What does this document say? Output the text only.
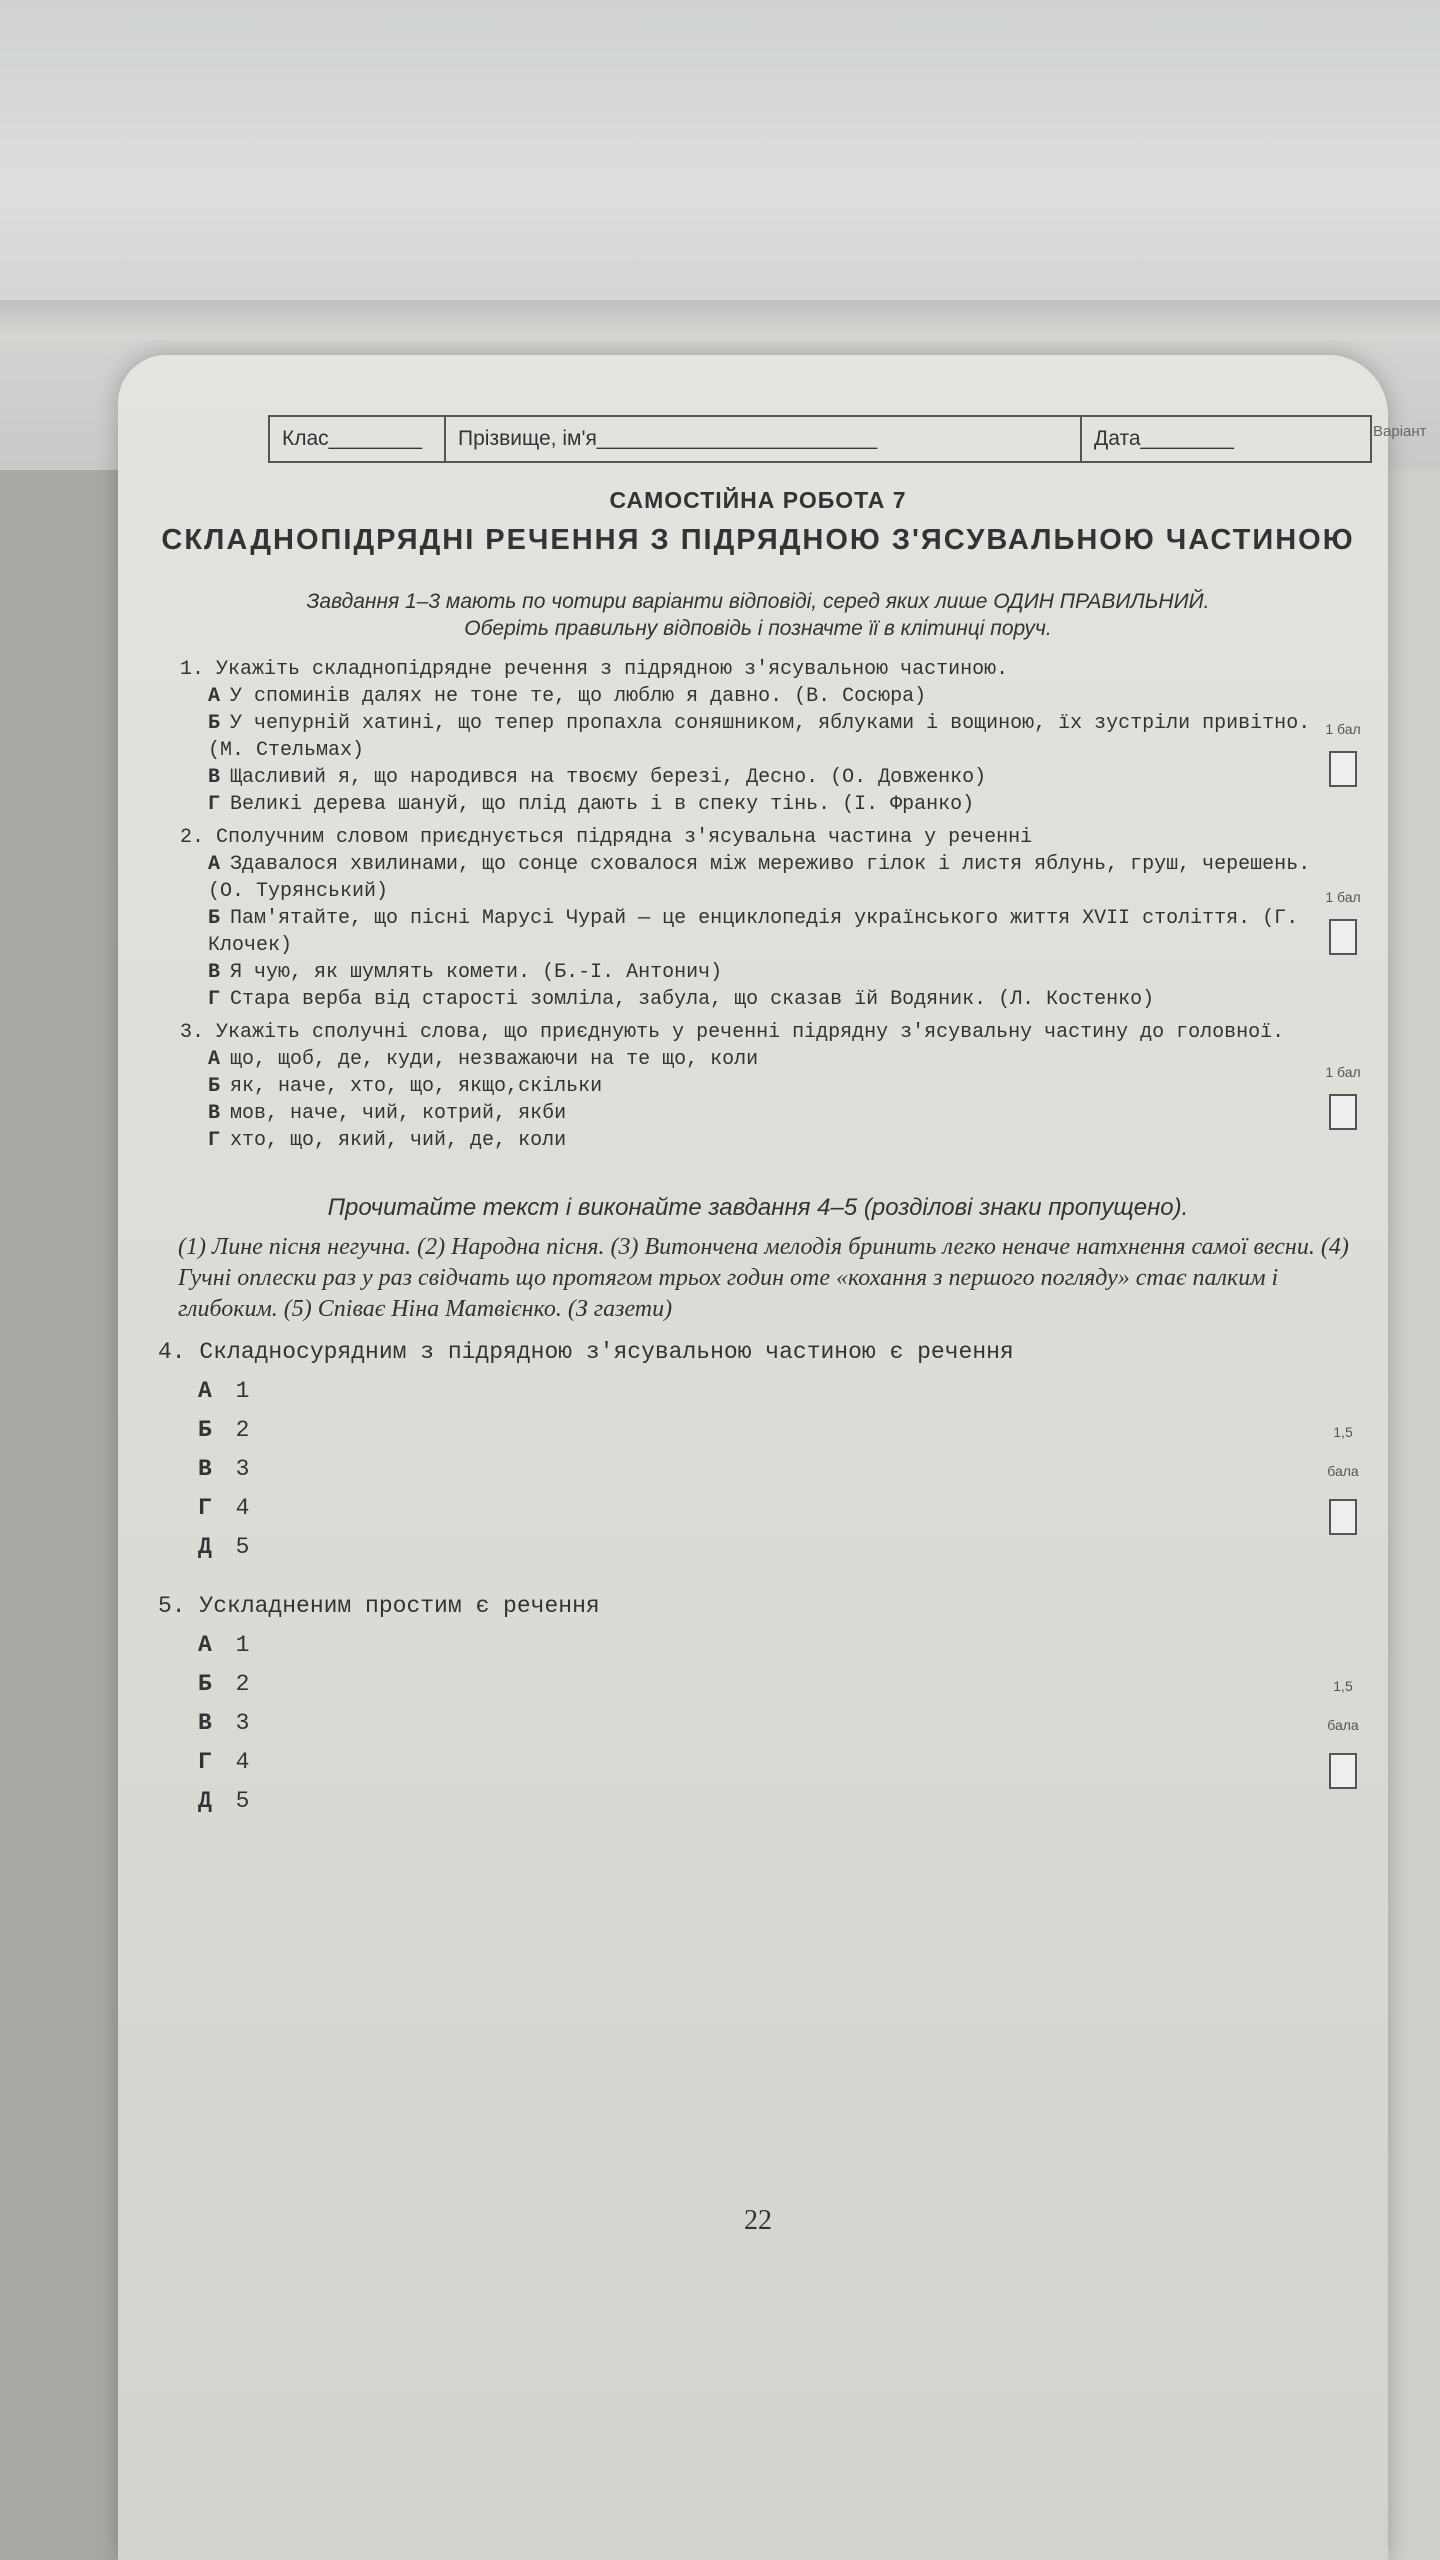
Клас________	Прізвище, ім'я________________________	Дата________	Варіант
САМОСТІЙНА РОБОТА 7
СКЛАДНОПІДРЯДНІ РЕЧЕННЯ З ПІДРЯДНОЮ З'ЯСУВАЛЬНОЮ ЧАСТИНОЮ
Завдання 1–3 мають по чотири варіанти відповіді, серед яких лише ОДИН ПРАВИЛЬНИЙ.
Оберіть правильну відповідь і позначте її в клітинці поруч.
1. Укажіть складнопідрядне речення з підрядною з'ясувальною частиною.
А У споминів далях не тоне те, що люблю я давно. (В. Сосюра)
Б У чепурній хатині, що тепер пропахла соняшником, яблуками і вощиною, їх зустріли привітно. (М. Стельмах)
В Щасливий я, що народився на твоєму березі, Десно. (О. Довженко)
Г Великі дерева шануй, що плід дають і в спеку тінь. (І. Франко)
1 бал
2. Сполучним словом приєднується підрядна з'ясувальна частина у реченні
А Здавалося хвилинами, що сонце сховалося між мереживо гілок і листя яблунь, груш, черешень. (О. Турянський)
Б Пам'ятайте, що пісні Марусі Чурай — це енциклопедія українського життя XVII століття. (Г. Клочек)
В Я чую, як шумлять комети. (Б.-І. Антонич)
Г Стара верба від старості зомліла, забула, що сказав їй Водяник. (Л. Костенко)
1 бал
3. Укажіть сполучні слова, що приєднують у реченні підрядну з'ясувальну частину до головної.
А що, щоб, де, куди, незважаючи на те що, коли
Б як, наче, хто, що, якщо,скільки
В мов, наче, чий, котрий, якби
Г хто, що, який, чий, де, коли
1 бал
Прочитайте текст і виконайте завдання 4–5 (розділові знаки пропущено).
(1) Лине пісня негучна. (2) Народна пісня. (3) Витончена мелодія бринить легко неначе натхнення самої весни. (4) Гучні оплески раз у раз свідчать що протягом трьох годин оте «кохання з першого погляду» стає палким і глибоким. (5) Співає Ніна Матвієнко. (З газети)
4. Складносурядним з підрядною з'ясувальною частиною є речення
А 1
Б 2
В 3
Г 4
Д 5
1,5 бала
5. Ускладненим простим є речення
А 1
Б 2
В 3
Г 4
Д 5
1,5 бала
22
